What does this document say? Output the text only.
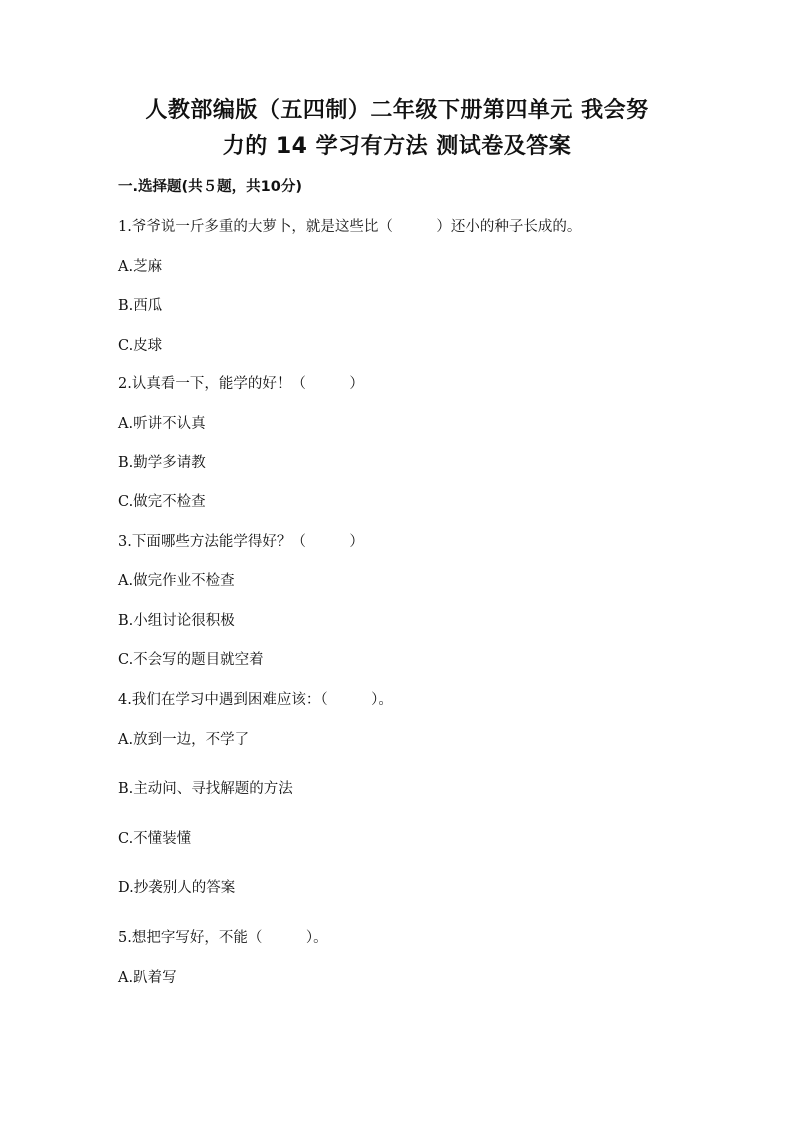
人教部编版（五四制）二年级下册第四单元 我会努
力的 14 学习有方法 测试卷及答案
一.选择题(共５题，共10分)
1.爷爷说一斤多重的大萝卜，就是这些比（　　　）还小的种子长成的。
A.芝麻
B.西瓜
C.皮球
2.认真看一下，能学的好！（　　　）
A.听讲不认真
B.勤学多请教
C.做完不检查
3.下面哪些方法能学得好？（　　　）
A.做完作业不检查
B.小组讨论很积极
C.不会写的题目就空着
4.我们在学习中遇到困难应该：（　　　）。
A.放到一边，不学了
B.主动问、寻找解题的方法
C.不懂装懂
D.抄袭别人的答案
5.想把字写好，不能（　　　）。
A.趴着写
